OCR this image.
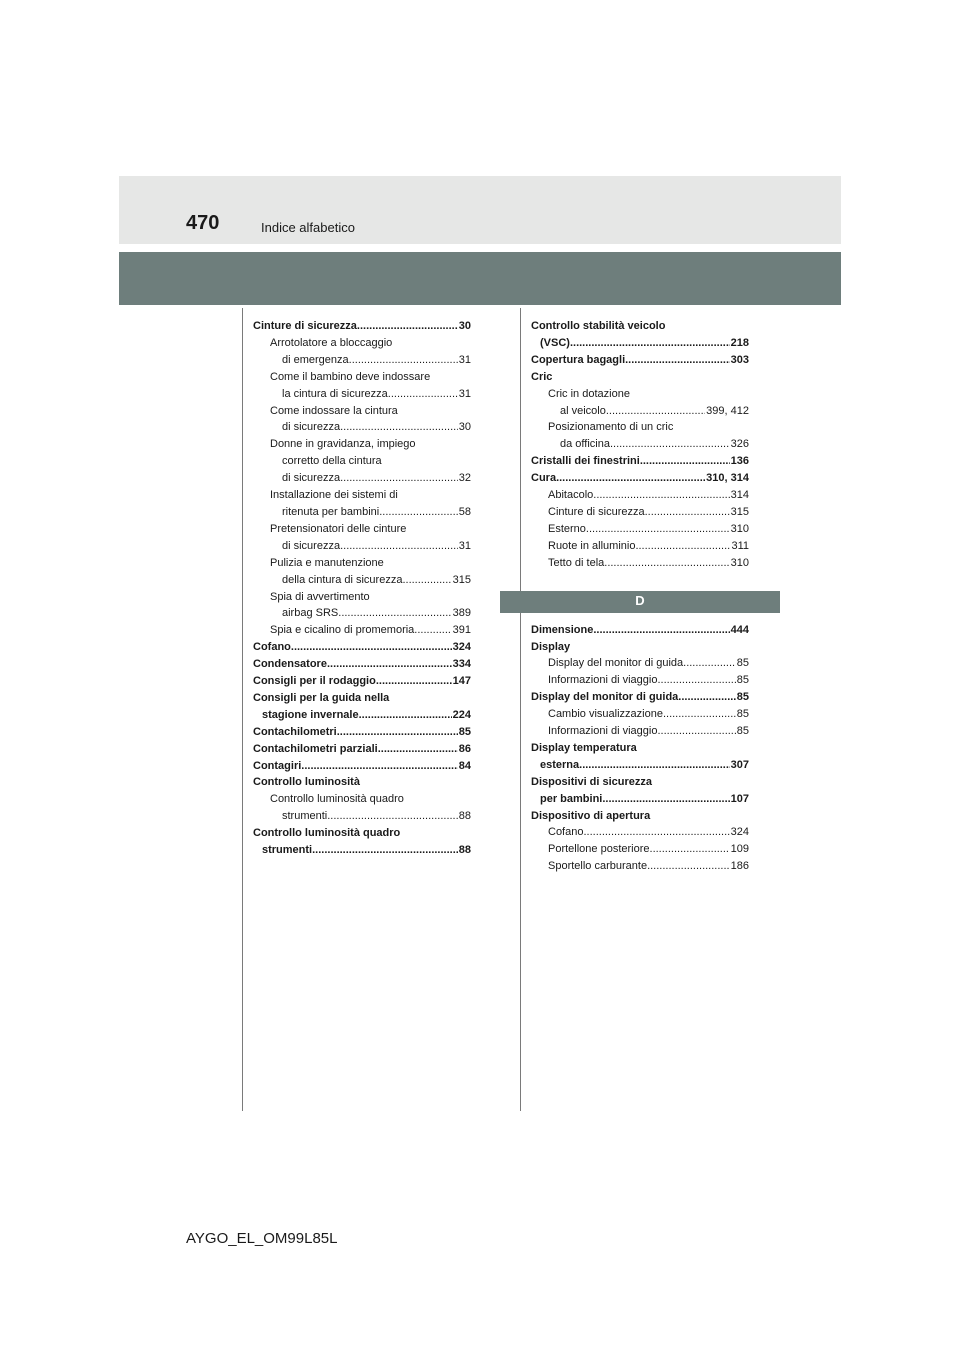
470	Indice alfabetico
Cinture di sicurezza .....	30
Arrotolatore a bloccaggio
di emergenza .....	31
Come il bambino deve indossare
la cintura di sicurezza .....	31
Come indossare la cintura
di sicurezza .....	30
Donne in gravidanza, impiego
corretto della cintura
di sicurezza .....	32
Installazione dei sistemi di
ritenuta per bambini .....	58
Pretensionatori delle cinture
di sicurezza .....	31
Pulizia e manutenzione
della cintura di sicurezza .....	315
Spia di avvertimento
airbag SRS .....	389
Spia e cicalino di promemoria .....	391
Cofano .....	324
Condensatore .....	334
Consigli per il rodaggio .....	147
Consigli per la guida nella
stagione invernale .....	224
Contachilometri .....	85
Contachilometri parziali .....	86
Contagiri .....	84
Controllo luminosità
Controllo luminosità quadro
strumenti .....	88
Controllo luminosità quadro
strumenti .....	88
Controllo stabilità veicolo
(VSC) .....	218
Copertura bagagli .....	303
Cric
Cric in dotazione
al veicolo .....	399, 412
Posizionamento di un cric
da officina .....	326
Cristalli dei finestrini .....	136
Cura .....	310, 314
Abitacolo .....	314
Cinture di sicurezza .....	315
Esterno .....	310
Ruote in alluminio .....	311
Tetto di tela .....	310
D
Dimensione .....	444
Display
Display del monitor di guida .....	85
Informazioni di viaggio .....	85
Display del monitor di guida .....	85
Cambio visualizzazione .....	85
Informazioni di viaggio .....	85
Display temperatura
esterna .....	307
Dispositivi di sicurezza
per bambini .....	107
Dispositivo di apertura
Cofano .....	324
Portellone posteriore .....	109
Sportello carburante .....	186
AYGO_EL_OM99L85L
